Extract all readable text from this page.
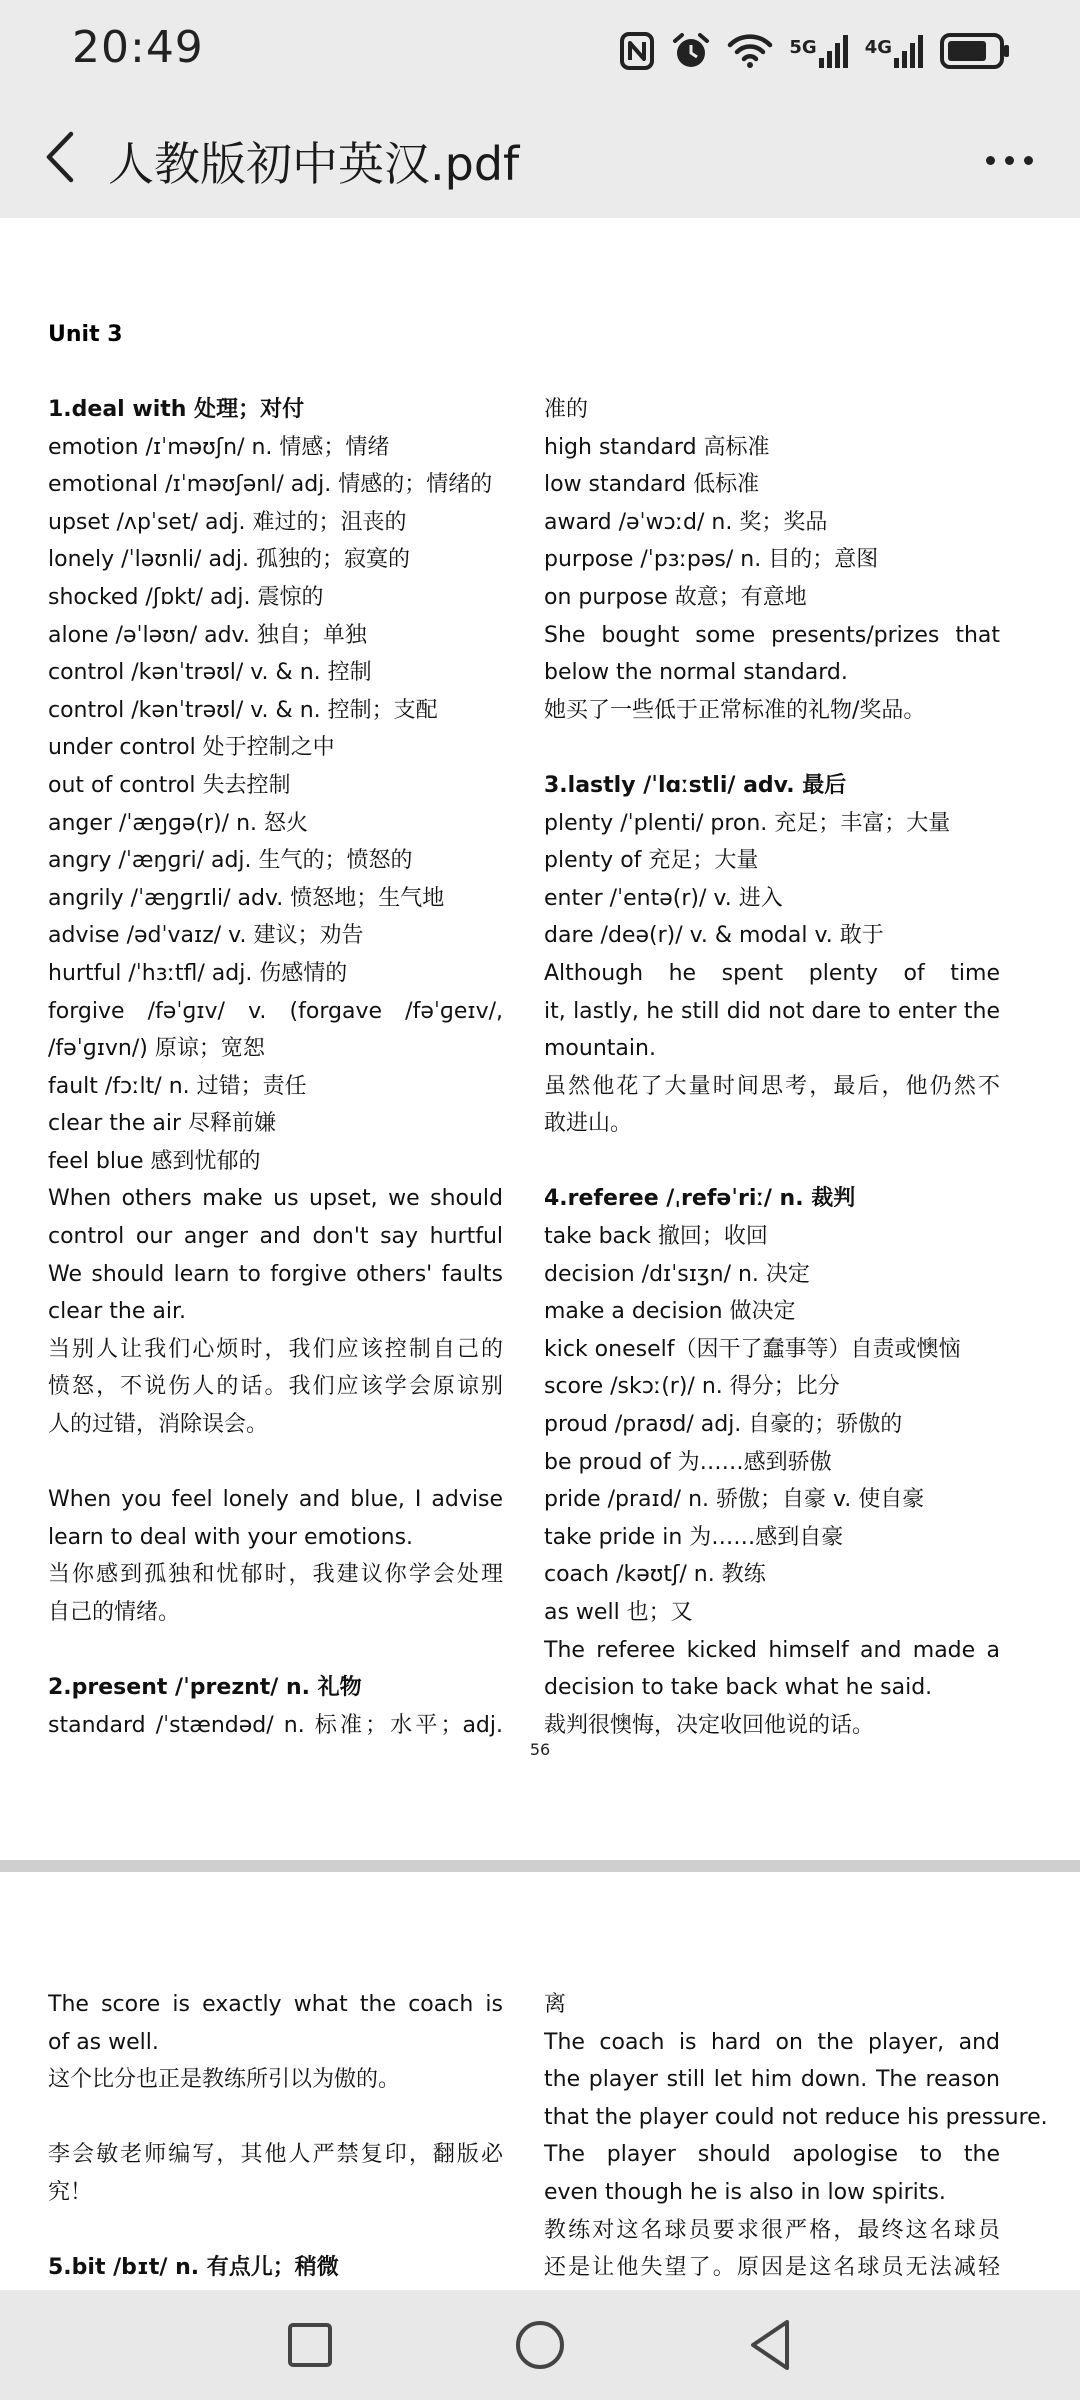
20:49	5G	4G
人教版初中英汉.pdf
Unit 3
1.deal with 处理；对付
emotion /ɪˈməʊʃn/ n. 情感；情绪
emotional /ɪˈməʊʃənl/ adj. 情感的；情绪的
upset /ʌpˈset/ adj. 难过的；沮丧的
lonely /ˈləʊnli/ adj. 孤独的；寂寞的
shocked /ʃɒkt/ adj. 震惊的
alone /əˈləʊn/ adv. 独自；单独
control /kənˈtrəʊl/ v. & n. 控制
control /kənˈtrəʊl/ v. & n. 控制；支配
under control 处于控制之中
out of control 失去控制
anger /ˈæŋɡə(r)/ n. 怒火
angry /ˈæŋɡri/ adj. 生气的；愤怒的
angrily /ˈæŋɡrɪli/ adv. 愤怒地；生气地
advise /ədˈvaɪz/ v. 建议；劝告
hurtful /ˈhɜːtfl/ adj. 伤感情的
forgive /fəˈɡɪv/ v. (forgave /fəˈɡeɪv/,
/fəˈɡɪvn/) 原谅；宽恕
fault /fɔːlt/ n. 过错；责任
clear the air 尽释前嫌
feel blue 感到忧郁的
When others make us upset, we should
control our anger and don't say hurtful
We should learn to forgive others' faults
clear the air.
当别人让我们心烦时，我们应该控制自己的
愤怒，不说伤人的话。我们应该学会原谅别
人的过错，消除误会。

When you feel lonely and blue, I advise
learn to deal with your emotions.
当你感到孤独和忧郁时，我建议你学会处理
自己的情绪。

2.present /ˈpreznt/ n. 礼物
standard /ˈstændəd/ n. 标准；水平；adj.
准的
high standard 高标准
low standard 低标准
award /əˈwɔːd/ n. 奖；奖品
purpose /ˈpɜːpəs/ n. 目的；意图
on purpose 故意；有意地
She bought some presents/prizes that
below the normal standard.
她买了一些低于正常标准的礼物/奖品。

3.lastly /ˈlɑːstli/ adv. 最后
plenty /ˈplenti/ pron. 充足；丰富；大量
plenty of 充足；大量
enter /ˈentə(r)/ v. 进入
dare /deə(r)/ v. & modal v. 敢于
Although he spent plenty of time
it, lastly, he still did not dare to enter the
mountain.
虽然他花了大量时间思考，最后，他仍然不
敢进山。

4.referee /ˌrefəˈriː/ n. 裁判
take back 撤回；收回
decision /dɪˈsɪʒn/ n. 决定
make a decision 做决定
kick oneself（因干了蠢事等）自责或懊恼
score /skɔː(r)/ n. 得分；比分
proud /praʊd/ adj. 自豪的；骄傲的
be proud of 为……感到骄傲
pride /praɪd/ n. 骄傲；自豪 v. 使自豪
take pride in 为……感到自豪
coach /kəʊtʃ/ n. 教练
as well 也；又
The referee kicked himself and made a
decision to take back what he said.
裁判很懊悔，决定收回他说的话。
56
The score is exactly what the coach is
of as well.
这个比分也正是教练所引以为傲的。

李会敏老师编写，其他人严禁复印，翻版必
究！

5.bit /bɪt/ n. 有点儿；稍微
离
The coach is hard on the player, and
the player still let him down. The reason
that the player could not reduce his pressure.
The player should apologise to the
even though he is also in low spirits.
教练对这名球员要求很严格，最终这名球员
还是让他失望了。原因是这名球员无法减轻
